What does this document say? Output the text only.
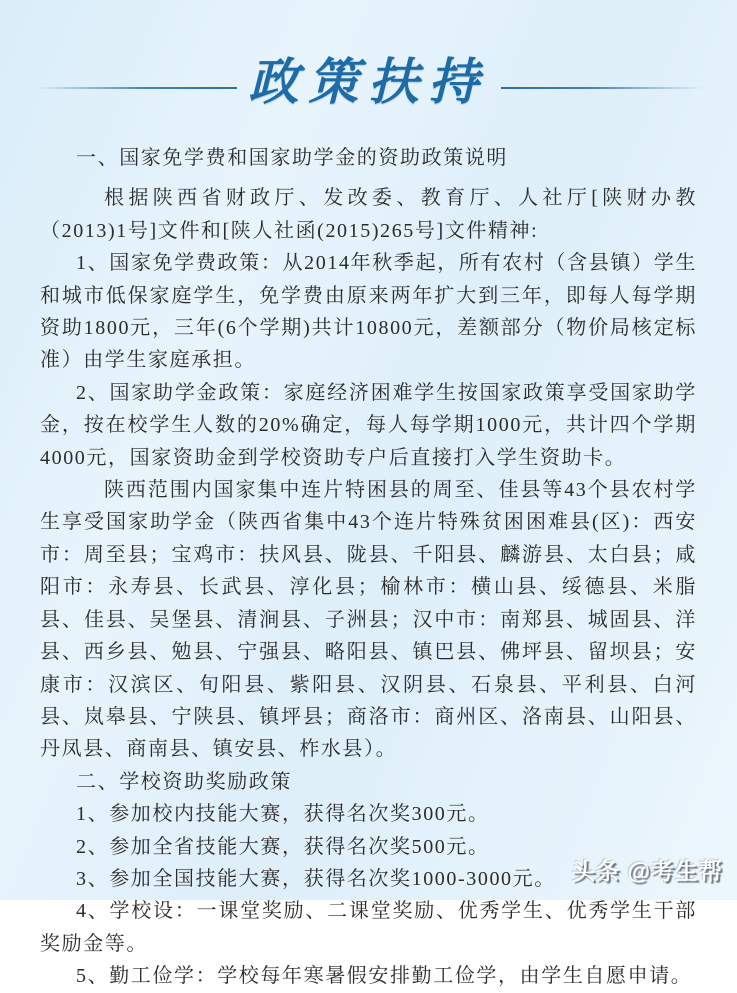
政策扶持

一、国家免学费和国家助学金的资助政策说明

根据陕西省财政厅、发改委、教育厅、人社厅[陕财办教（2013)1号]文件和[陕人社函(2015)265号]文件精神:

1、国家免学费政策：从2014年秋季起，所有农村（含县镇）学生和城市低保家庭学生，免学费由原来两年扩大到三年，即每人每学期资助1800元，三年(6个学期)共计10800元，差额部分（物价局核定标准）由学生家庭承担。

2、国家助学金政策：家庭经济困难学生按国家政策享受国家助学金，按在校学生人数的20%确定，每人每学期1000元，共计四个学期4000元，国家资助金到学校资助专户后直接打入学生资助卡。

陕西范围内国家集中连片特困县的周至、佳县等43个县农村学生享受国家助学金（陕西省集中43个连片特殊贫困困难县(区)：西安市：周至县；宝鸡市：扶风县、陇县、千阳县、麟游县、太白县；咸阳市：永寿县、长武县、淳化县；榆林市：横山县、绥德县、米脂县、佳县、吴堡县、清涧县、子洲县；汉中市：南郑县、城固县、洋县、西乡县、勉县、宁强县、略阳县、镇巴县、佛坪县、留坝县；安康市：汉滨区、旬阳县、紫阳县、汉阴县、石泉县、平利县、白河县、岚皋县、宁陕县、镇坪县；商洛市：商州区、洛南县、山阳县、丹凤县、商南县、镇安县、柞水县）。

二、学校资助奖励政策

1、参加校内技能大赛，获得名次奖300元。

2、参加全省技能大赛，获得名次奖500元。

3、参加全国技能大赛，获得名次奖1000-3000元。

4、学校设：一课堂奖励、二课堂奖励、优秀学生、优秀学生干部奖励金等。

5、勤工俭学：学校每年寒暑假安排勤工俭学，由学生自愿申请。

头条 @考生帮
